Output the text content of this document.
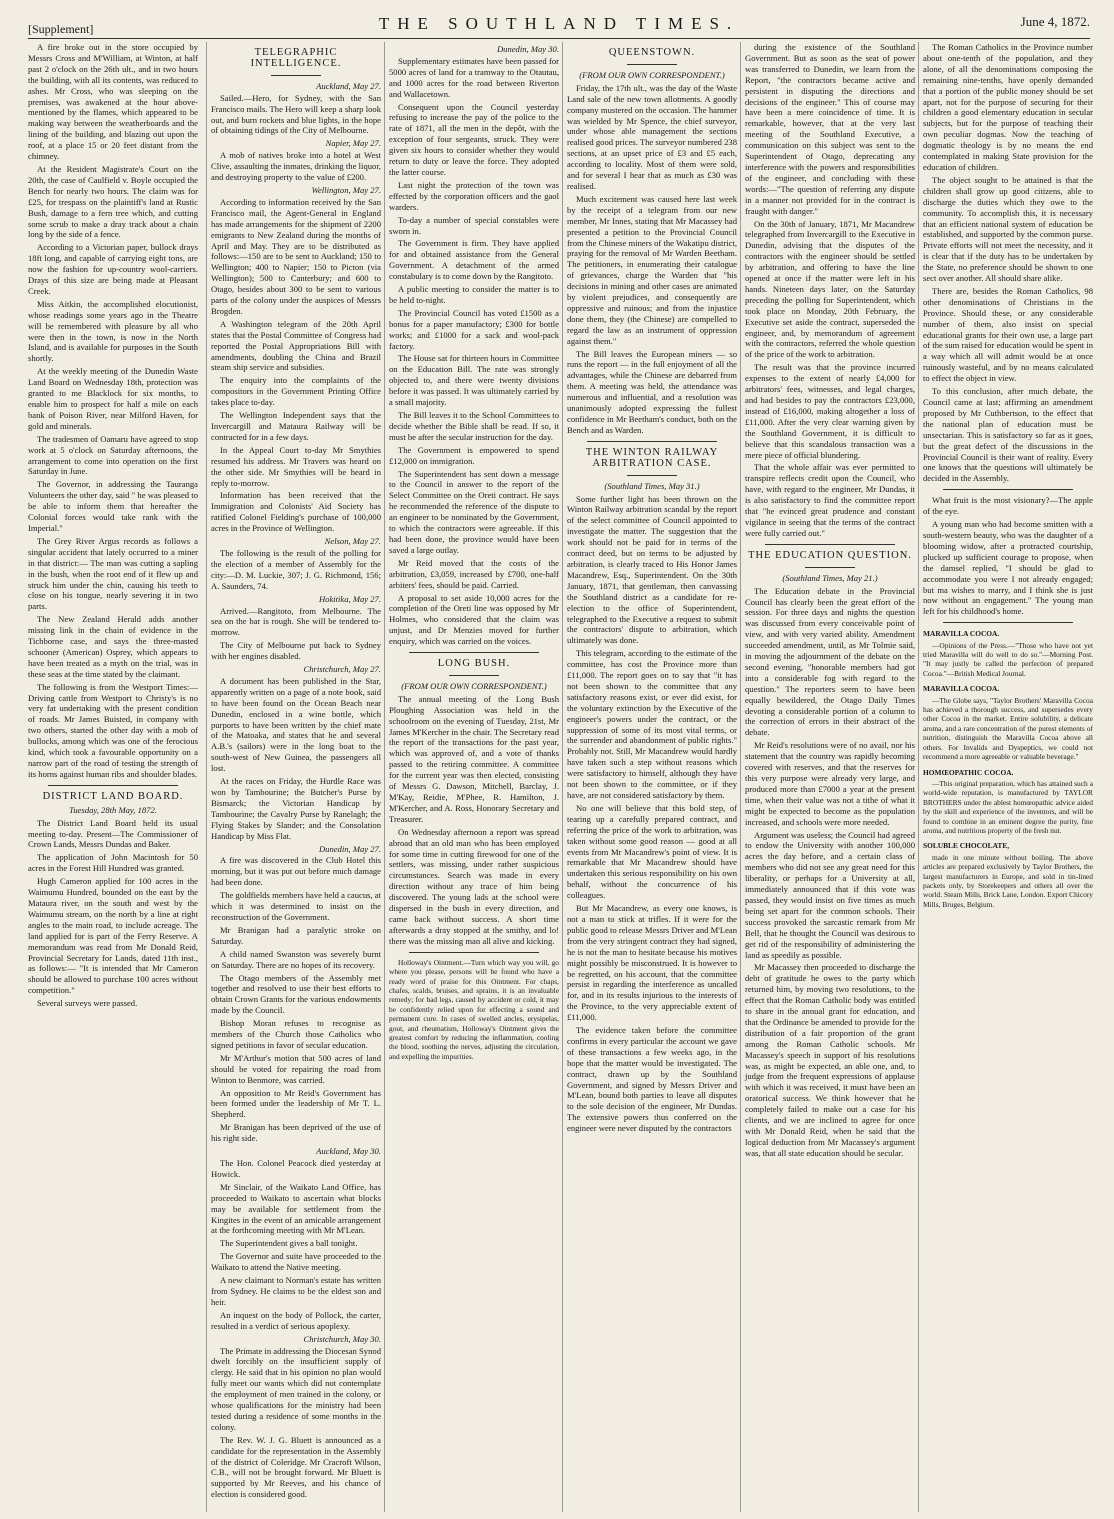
[Supplement]	THE SOUTHLAND TIMES.	June 4, 1872.

A fire broke out in the store occupied by Messrs Cross and M'William, at Winton, at half past 2 o'clock on the 26th ult., and in two hours the building, with all its contents, was reduced to ashes. Mr Cross, who was sleeping on the premises, was awakened at the hour above-mentioned by the flames, which appeared to be making way between the weatherboards and the lining of the building, and blazing out upon the roof, at a place 15 or 20 feet distant from the chimney.

At the Resident Magistrate's Court on the 20th, the case of Caulfield v. Boyle occupied the Bench for nearly two hours. The claim was for £25, for trespass on the plaintiff's land at Rustic Bush, damage to a fern tree which, and cutting some scrub to make a dray track about a chain long by the side of a fence.

According to a Victorian paper, bullock drays 18ft long, and capable of carrying eight tons, are now the fashion for up-country wool-carriers. Drays of this size are being made at Pleasant Creek.

Miss Aitkin, the accomplished elocutionist, whose readings some years ago in the Theatre will be remembered with pleasure by all who were then in the town, is now in the North Island, and is available for purposes in the South shortly.

At the weekly meeting of the Dunedin Waste Land Board on Wednesday 18th, protection was granted to me Blacklock for six months, to enable him to prospect for half a mile on each bank of Poison River, near Milford Haven, for gold and minerals.

The tradesmen of Oamaru have agreed to stop work at 5 o'clock on Saturday afternoons, the arrangement to come into operation on the first Saturday in June.

The Governor, in addressing the Tauranga Volunteers the other day, said " he was pleased to be able to inform them that hereafter the Colonial forces would take rank with the Imperial."

The Grey River Argus records as follows a singular accident that lately occurred to a miner in that district:— The man was cutting a sapling in the bush, when the root end of it flew up and struck him under the chin, causing his teeth to close on his tongue, nearly severing it in two parts.

The New Zealand Herald adds another missing link in the chain of evidence in the Tichborne case, and says the three-masted schooner (American) Osprey, which appears to have been treated as a myth on the trial, was in these seas at the time stated by the claimant.

The following is from the Westport Times:— Driving cattle from Westport to Christy's is no very fat undertaking with the present condition of roads. Mr James Buisted, in company with two others, started the other day with a mob of bullocks, among which was one of the ferocious kind, which took a favourable opportunity on a narrow part of the road of testing the strength of its horns against human ribs and shoulder blades.

DISTRICT LAND BOARD.
Tuesday, 28th May, 1872.

The District Land Board held its usual meeting to-day. Present—The Commissioner of Crown Lands, Messrs Dundas and Baker.

The application of John Macintosh for 50 acres in the Forest Hill Hundred was granted.

Hugh Cameron applied for 100 acres in the Waimumu Hundred, bounded on the east by the Mataura river, on the south and west by the Waimumu stream, on the north by a line at right angles to the main road, to include acreage. The land applied for is part of the Ferry Reserve. A memorandum was read from Mr Donald Reid, Provincial Secretary for Lands, dated 11th inst., as follows:— "It is intended that Mr Cameron should be allowed to purchase 100 acres without competition."

Several surveys were passed.

TELEGRAPHIC INTELLIGENCE.
Auckland, May 27.

Sailed.—Hero, for Sydney, with the San Francisco mails. The Hero will keep a sharp look out, and burn rockets and blue lights, in the hope of obtaining tidings of the City of Melbourne.

Napier, May 27.

A mob of natives broke into a hotel at West Clive, assaulting the inmates, drinking the liquor, and destroying property to the value of £200.

Wellington, May 27.

According to information received by the San Francisco mail, the Agent-General in England has made arrangements for the shipment of 2200 emigrants to New Zealand during the months of April and May. They are to be distributed as follows:—150 are to be sent to Auckland; 150 to Wellington; 400 to Napier; 150 to Picton (via Wellington); 500 to Canterbury; and 600 to Otago, besides about 300 to be sent to various parts of the colony under the auspices of Messrs Brogden.

A Washington telegram of the 20th April states that the Postal Committee of Congress had reported the Postal Appropriations Bill with amendments, doubling the China and Brazil steam ship service and subsidies.

The enquiry into the complaints of the compositors in the Government Printing Office takes place to-day.

The Wellington Independent says that the Invercargill and Mataura Railway will be contracted for in a few days.

In the Appeal Court to-day Mr Smythies resumed his address. Mr Travers was heard on the other side. Mr Smythies will be heard in reply to-morrow.

Information has been received that the Immigration and Colonists' Aid Society has ratified Colonel Fielding's purchase of 100,000 acres in the Province of Wellington.

Nelson, May 27.

The following is the result of the polling for the election of a member of Assembly for the city:—D. M. Luckie, 307; J. G. Richmond, 156; A. Saunders, 74.

Hokitika, May 27.

Arrived.—Rangitoto, from Melbourne. The sea on the bar is rough. She will be tendered to-morrow.

The City of Melbourne put back to Sydney with her engines disabled.

Christchurch, May 27.

A document has been published in the Star, apparently written on a page of a note book, said to have been found on the Ocean Beach near Dunedin, enclosed in a wine bottle, which purports to have been written by the chief mate of the Matoaka, and states that he and several A.B.'s (sailors) were in the long boat to the south-west of New Guinea, the passengers all lost.

At the races on Friday, the Hurdle Race was won by Tambourine; the Butcher's Purse by Bismarck; the Victorian Handicap by Tambourine; the Cavalry Purse by Ranelagh; the Flying Stakes by Slander; and the Consolation Handicap by Miss Flat.

Dunedin, May 27.

A fire was discovered in the Club Hotel this morning, but it was put out before much damage had been done.

The goldfields members have held a caucus, at which it was determined to insist on the reconstruction of the Government.

Mr Branigan had a paralytic stroke on Saturday.

A child named Swanston was severely burnt on Saturday. There are no hopes of its recovery.

The Otago members of the Assembly met together and resolved to use their best efforts to obtain Crown Grants for the various endowments made by the Council.

Bishop Moran refuses to recognise as members of the Church those Catholics who signed petitions in favor of secular education.

Mr M'Arthur's motion that 500 acres of land should be voted for repairing the road from Winton to Benmore, was carried.

An opposition to Mr Reid's Government has been formed under the leadership of Mr T. L. Shepherd.

Mr Branigan has been deprived of the use of his right side.

Auckland, May 30.

The Hon. Colonel Peacock died yesterday at Howick.

Mr Sinclair, of the Waikato Land Office, has proceeded to Waikato to ascertain what blocks may be available for settlement from the Kingites in the event of an amicable arrangement at the forthcoming meeting with Mr M'Lean.

The Superintendent gives a ball tonight.

The Governor and suite have proceeded to the Waikato to attend the Native meeting.

A new claimant to Norman's estate has written from Sydney. He claims to be the eldest son and heir.

An inquest on the body of Pollock, the carter, resulted in a verdict of serious apoplexy.

Christchurch, May 30.

The Primate in addressing the Diocesan Synod dwelt forcibly on the insufficient supply of clergy. He said that in his opinion no plan would fully meet our wants which did not contemplate the employment of men trained in the colony, or whose qualifications for the ministry had been tested during a residence of some months in the colony.

The Rev. W. J. G. Bluett is announced as a candidate for the representation in the Assembly of the district of Coleridge. Mr Cracroft Wilson, C.B., will not be brought forward. Mr Bluett is supported by Mr Reeves, and his chance of election is considered good.

Dunedin, May 30.

Supplementary estimates have been passed for 5000 acres of land for a tramway to the Otautau, and 1000 acres for the road between Riverton and Wallacetown.

Consequent upon the Council yesterday refusing to increase the pay of the police to the rate of 1871, all the men in the depôt, with the exception of four sergeants, struck. They were given six hours to consider whether they would return to duty or leave the force. They adopted the latter course.

Last night the protection of the town was effected by the corporation officers and the gaol warders.

To-day a number of special constables were sworn in.

The Government is firm. They have applied for and obtained assistance from the General Government. A detachment of the armed constabulary is to come down by the Rangitoto.

A public meeting to consider the matter is to be held to-night.

The Provincial Council has voted £1500 as a bonus for a paper manufactory; £300 for bottle works; and £1000 for a sack and wool-pack factory.

The House sat for thirteen hours in Committee on the Education Bill. The rate was strongly objected to, and there were twenty divisions before it was passed. It was ultimately carried by a small majority.

The Bill leaves it to the School Committees to decide whether the Bible shall be read. If so, it must be after the secular instruction for the day.

The Government is empowered to spend £12,000 on immigration.

The Superintendent has sent down a message to the Council in answer to the report of the Select Committee on the Oreti contract. He says he recommended the reference of the dispute to an engineer to be nominated by the Government, to which the contractors were agreeable. If this had been done, the province would have been saved a large outlay.

Mr Reid moved that the costs of the arbitration, £3,059, increased by £700, one-half arbiters' fees, should be paid. Carried.

A proposal to set aside 10,000 acres for the completion of the Oreti line was opposed by Mr Holmes, who considered that the claim was unjust, and Dr Menzies moved for further enquiry, which was carried on the voices.

LONG BUSH.
(FROM OUR OWN CORRESPONDENT.)

The annual meeting of the Long Bush Ploughing Association was held in the schoolroom on the evening of Tuesday, 21st, Mr James M'Kercher in the chair. The Secretary read the report of the transactions for the past year, which was approved of, and a vote of thanks passed to the retiring committee. A committee for the current year was then elected, consisting of Messrs G. Dawson, Mitchell, Barclay, J. M'Kay, Reidie, M'Phee, R. Hamilton, J. M'Kercher, and A. Ross, Honorary Secretary and Treasurer.

On Wednesday afternoon a report was spread abroad that an old man who has been employed for some time in cutting firewood for one of the settlers, was missing, under rather suspicious circumstances. Search was made in every direction without any trace of him being discovered. The young lads at the school were dispersed in the bush in every direction, and came back without success. A short time afterwards a dray stopped at the smithy, and lo! there was the missing man all alive and kicking.

Holloway's Ointment.—Turn which way you will, go where you please, persons will be found who have a ready word of praise for this Ointment. For chaps, chafes, scalds, bruises, and sprains, it is an invaluable remedy; for bad legs, caused by accident or cold, it may be confidently relied upon for effecting a sound and permanent cure. In cases of swelled ancles, erysipelas, gout, and rheumatism, Holloway's Ointment gives the greatest comfort by reducing the inflammation, cooling the blood, soothing the nerves, adjusting the circulation, and expelling the impurities.

QUEENSTOWN.
(FROM OUR OWN CORRESPONDENT.)

Friday, the 17th ult., was the day of the Waste Land sale of the new town allotments. A goodly company mustered on the occasion. The hammer was wielded by Mr Spence, the chief surveyor, under whose able management the sections realised good prices. The surveyor numbered 238 sections, at an upset price of £3 and £5 each, according to locality. Most of them were sold, and for several I hear that as much as £30 was realised.

Much excitement was caused here last week by the receipt of a telegram from our new member, Mr Innes, stating that Mr Macassey had presented a petition to the Provincial Council from the Chinese miners of the Wakatipu district, praying for the removal of Mr Warden Beetham. The petitioners, in enumerating their catalogue of grievances, charge the Warden that "his decisions in mining and other cases are animated by violent prejudices, and consequently are oppressive and ruinous; and from the injustice done them, they (the Chinese) are compelled to regard the law as an instrument of oppression against them."

The Bill leaves the European miners — so runs the report — in the full enjoyment of all the advantages, while the Chinese are debarred from them. A meeting was held, the attendance was numerous and influential, and a resolution was unanimously adopted expressing the fullest confidence in Mr Beetham's conduct, both on the Bench and as Warden.

THE WINTON RAILWAY ARBITRATION CASE.
(Southland Times, May 31.)

Some further light has been thrown on the Winton Railway arbitration scandal by the report of the select committee of Council appointed to investigate the matter. The suggestion that the work should not be paid for in terms of the contract deed, but on terms to be adjusted by arbitration, is clearly traced to His Honor James Macandrew, Esq., Superintendent. On the 30th January, 1871, that gentleman, then canvassing the Southland district as a candidate for re-election to the office of Superintendent, telegraphed to the Executive a request to submit the contractors' dispute to arbitration, which ultimately was done.

This telegram, according to the estimate of the committee, has cost the Province more than £11,000. The report goes on to say that "it has not been shown to the committee that any satisfactory reasons exist, or ever did exist, for the voluntary extinction by the Executive of the engineer's powers under the contract, or the suppression of some of its most vital terms, or the surrender and abandonment of public rights." Probably not. Still, Mr Macandrew would hardly have taken such a step without reasons which were satisfactory to himself, although they have not been shown to the committee, or if they have, are not considered satisfactory by them.

No one will believe that this bold step, of tearing up a carefully prepared contract, and referring the price of the work to arbitration, was taken without some good reason — good at all events from Mr Macandrew's point of view. It is remarkable that Mr Macandrew should have undertaken this serious responsibility on his own behalf, without the concurrence of his colleagues.

But Mr Macandrew, as every one knows, is not a man to stick at trifles. If it were for the public good to release Messrs Driver and M'Lean from the very stringent contract they had signed, he is not the man to hesitate because his motives might possibly be misconstrued. It is however to be regretted, on his account, that the committee persist in regarding the interference as uncalled for, and in its results injurious to the interests of the Province, to the very appreciable extent of £11,000.

The evidence taken before the committee confirms in every particular the account we gave of these transactions a few weeks ago, in the hope that the matter would be investigated. The contract, drawn up by the Southland Government, and signed by Messrs Driver and M'Lean, bound both parties to leave all disputes to the sole decision of the engineer, Mr Dundas. The extensive powers thus conferred on the engineer were never disputed by the contractors

during the existence of the Southland Government. But as soon as the seat of power was transferred to Dunedin, we learn from the Report, "the contractors became active and persistent in disputing the directions and decisions of the engineer." This of course may have been a mere coincidence of time. It is remarkable, however, that at the very last meeting of the Southland Executive, a communication on this subject was sent to the Superintendent of Otago, deprecating any interference with the powers and responsibilities of the engineer, and concluding with these words:—"The question of referring any dispute in a manner not provided for in the contract is fraught with danger."

On the 30th of January, 1871, Mr Macandrew telegraphed from Invercargill to the Executive in Dunedin, advising that the disputes of the contractors with the engineer should be settled by arbitration, and offering to have the line opened at once if the matter were left in his hands. Nineteen days later, on the Saturday preceding the polling for Superintendent, which took place on Monday, 20th February, the Executive set aside the contract, superseded the engineer, and, by memorandum of agreement with the contractors, referred the whole question of the price of the work to arbitration.

The result was that the province incurred expenses to the extent of nearly £4,000 for arbitrators' fees, witnesses, and legal charges, and had besides to pay the contractors £23,000, instead of £16,000, making altogether a loss of £11,000. After the very clear warning given by the Southland Government, it is difficult to believe that this scandalous transaction was a mere piece of official blundering.

That the whole affair was ever permitted to transpire reflects credit upon the Council, who have, with regard to the engineer, Mr Dundas, it is also satisfactory to find the committee report that "he evinced great prudence and constant vigilance in seeing that the terms of the contract were fully carried out."

THE EDUCATION QUESTION.
(Southland Times, May 21.)

The Education debate in the Provincial Council has clearly been the great effort of the session. For three days and nights the question was discussed from every conceivable point of view, and with very varied ability. Amendment succeeded amendment, until, as Mr Tolmie said, in moving the adjournment of the debate on the second evening, "honorable members had got into a considerable fog with regard to the question." The reporters seem to have been equally bewildered, the Otago Daily Times devoting a considerable portion of a column to the correction of errors in their abstract of the debate.

Mr Reid's resolutions were of no avail, nor his statement that the country was rapidly becoming covered with reserves, and that the reserves for this very purpose were already very large, and produced more than £7000 a year at the present time, when their value was not a tithe of what it might be expected to become as the population increased, and schools were more needed.

Argument was useless; the Council had agreed to endow the University with another 100,000 acres the day before, and a certain class of members who did not see any great need for this liberality, or perhaps for a University at all, immediately announced that if this vote was passed, they would insist on five times as much being set apart for the common schools. Their success provoked the sarcastic remark from Mr Bell, that he thought the Council was desirous to get rid of the responsibility of administering the land as speedily as possible.

Mr Macassey then proceeded to discharge the debt of gratitude he owes to the party which returned him, by moving two resolutions, to the effect that the Roman Catholic body was entitled to share in the annual grant for education, and that the Ordinance be amended to provide for the distribution of a fair proportion of the grant among the Roman Catholic schools. Mr Macassey's speech in support of his resolutions was, as might be expected, an able one, and, to judge from the frequent expressions of applause with which it was received, it must have been an oratorical success. We think however that he completely failed to make out a case for his clients, and we are inclined to agree for once with Mr Donald Reid, when he said that the logical deduction from Mr Macassey's argument was, that all state education should be secular.

The Roman Catholics in the Province number about one-tenth of the population, and they alone, of all the denominations composing the remaining nine-tenths, have openly demanded that a portion of the public money should be set apart, not for the purpose of securing for their children a good elementary education in secular subjects, but for the purpose of teaching their own peculiar dogmas. Now the teaching of dogmatic theology is by no means the end contemplated in making State provision for the education of children.

The object sought to be attained is that the children shall grow up good citizens, able to discharge the duties which they owe to the community. To accomplish this, it is necessary that an efficient national system of education be established, and supported by the common purse. Private efforts will not meet the necessity, and it is clear that if the duty has to be undertaken by the State, no preference should be shown to one sect over another. All should share alike.

There are, besides the Roman Catholics, 98 other denominations of Christians in the Province. Should these, or any considerable number of them, also insist on special educational grants for their own use, a large part of the sum raised for education would be spent in a way which all will admit would be at once ruinously wasteful, and by no means calculated to effect the object in view.

To this conclusion, after much debate, the Council came at last; affirming an amendment proposed by Mr Cuthbertson, to the effect that the national plan of education must be unsectarian. This is satisfactory so far as it goes, but the great defect of the discussions in the Provincial Council is their want of reality. Every one knows that the questions will ultimately be decided in the Assembly.

What fruit is the most visionary?—The apple of the eye.

A young man who had become smitten with a south-western beauty, who was the daughter of a blooming widow, after a protracted courtship, plucked up sufficient courage to propose, when the damsel replied, "I should be glad to accommodate you were I not already engaged; but ma wishes to marry, and I think she is just now without an engagement." The young man left for his childhood's home.

MARAVILLA COCOA.

—Opinions of the Press.—"Those who have not yet tried Maravilla will do well to do so."—Morning Post. "It may justly be called the perfection of prepared Cocoa."—British Medical Journal.

MARAVILLA COCOA.

—The Globe says, "Taylor Brothers' Maravilla Cocoa has achieved a thorough success, and supersedes every other Cocoa in the market. Entire solubility, a delicate aroma, and a rare concentration of the purest elements of nutrition, distinguish the Maravilla Cocoa above all others. For Invalids and Dyspeptics, we could not recommend a more agreeable or valuable beverage."

HOMŒOPATHIC COCOA.

—This original preparation, which has attained such a world-wide reputation, is manufactured by TAYLOR BROTHERS under the ablest homœopathic advice aided by the skill and experience of the inventors, and will be found to combine in an eminent degree the purity, fine aroma, and nutritious property of the fresh nut.

SOLUBLE CHOCOLATE,

made in one minute without boiling. The above articles are prepared exclusively by Taylor Brothers, the largest manufacturers in Europe, and sold in tin-lined packets only, by Storekeepers and others all over the world. Steam Mills, Brick Lane, London. Export Chicory Mills, Bruges, Belgium.
